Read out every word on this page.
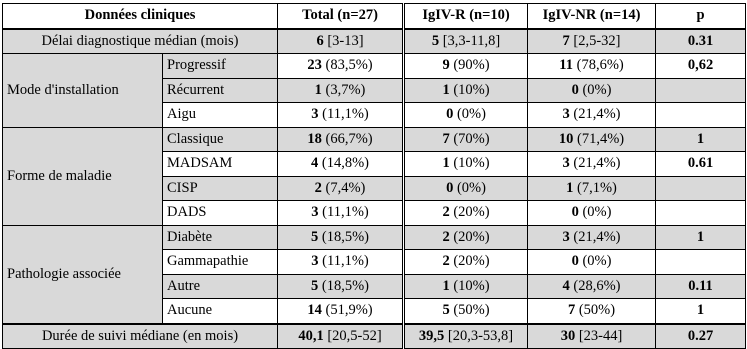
Données cliniques		Total (n=27)	IgIV-R (n=10)	IgIV-NR (n=14)	p
Délai diagnostique médian (mois)		6 [3-13]	5 [3,3-11,8]	7 [2,5-32]	0.31
Mode d'installation	Progressif	23 (83,5%)	9 (90%)	11 (78,6%)	0,62
	Récurrent	1 (3,7%)	1 (10%)	0 (0%)	
	Aigu	3 (11,1%)	0 (0%)	3 (21,4%)	
Forme de maladie	Classique	18 (66,7%)	7 (70%)	10 (71,4%)	1
	MADSAM	4 (14,8%)	1 (10%)	3 (21,4%)	0.61
	CISP	2 (7,4%)	0 (0%)	1 (7,1%)	
	DADS	3 (11,1%)	2 (20%)	0 (0%)	
Pathologie associée	Diabète	5 (18,5%)	2 (20%)	3 (21,4%)	1
	Gammapathie	3 (11,1%)	2 (20%)	0 (0%)	
	Autre	5 (18,5%)	1 (10%)	4 (28,6%)	0.11
	Aucune	14 (51,9%)	5 (50%)	7 (50%)	1
Durée de suivi médiane (en mois)		40,1 [20,5-52]	39,5 [20,3-53,8]	30 [23-44]	0.27
